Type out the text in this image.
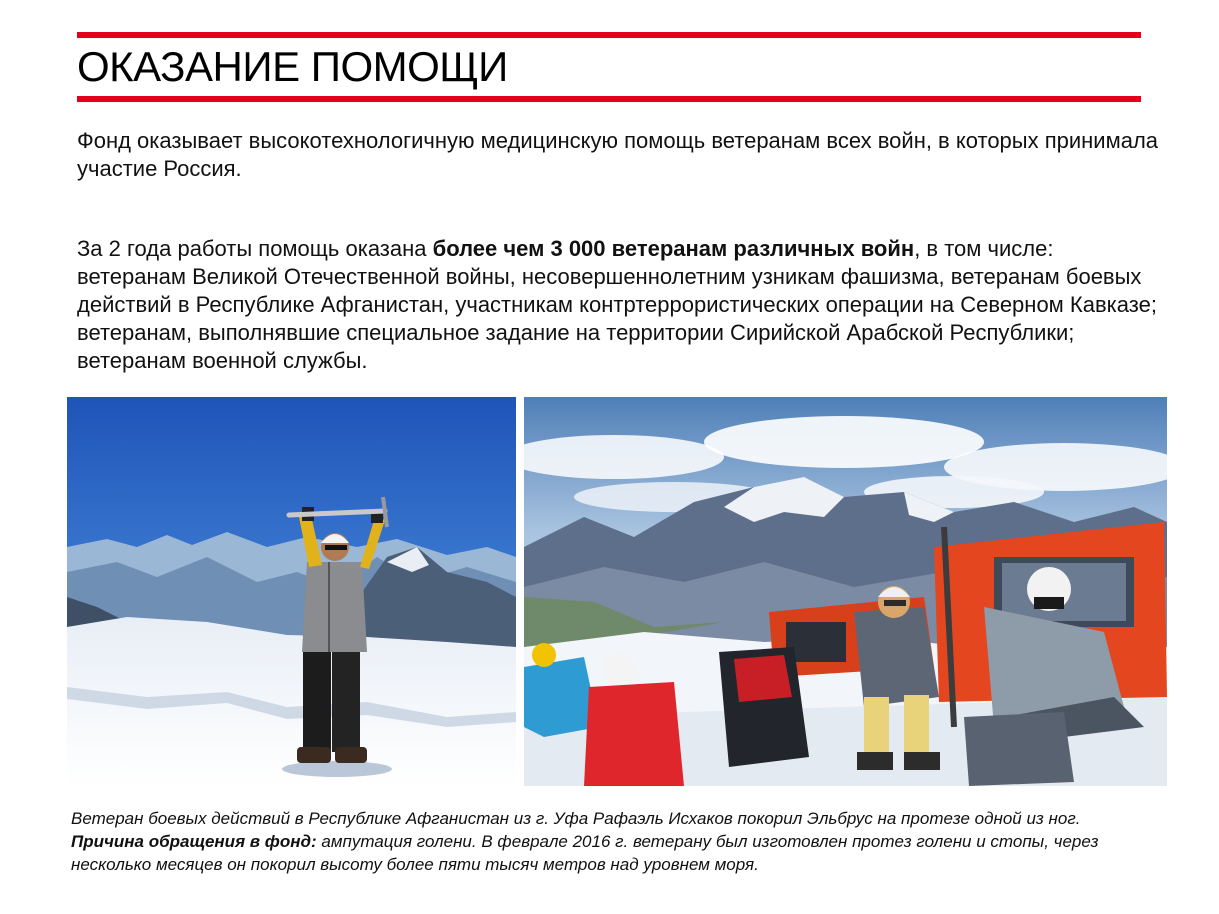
ОКАЗАНИЕ ПОМОЩИ

Фонд оказывает высокотехнологичную медицинскую помощь ветеранам всех войн, в которых принимала участие Россия.

За 2 года работы помощь оказана более чем 3 000 ветеранам различных войн, в том числе: ветеранам Великой Отечественной войны, несовершеннолетним узникам фашизма, ветеранам боевых действий в Республике Афганистан, участникам контртеррористических операции на Северном Кавказе; ветеранам, выполнявшие специальное задание на территории Сирийской Арабской Республики; ветеранам военной службы.

Ветеран боевых действий в Республике Афганистан из г. Уфа Рафаэль Исхаков покорил Эльбрус на протезе одной из ног.
Причина обращения в фонд: ампутация голени. В феврале 2016 г. ветерану был изготовлен протез голени и стопы, через несколько месяцев он покорил высоту более пяти тысяч метров над уровнем моря.
